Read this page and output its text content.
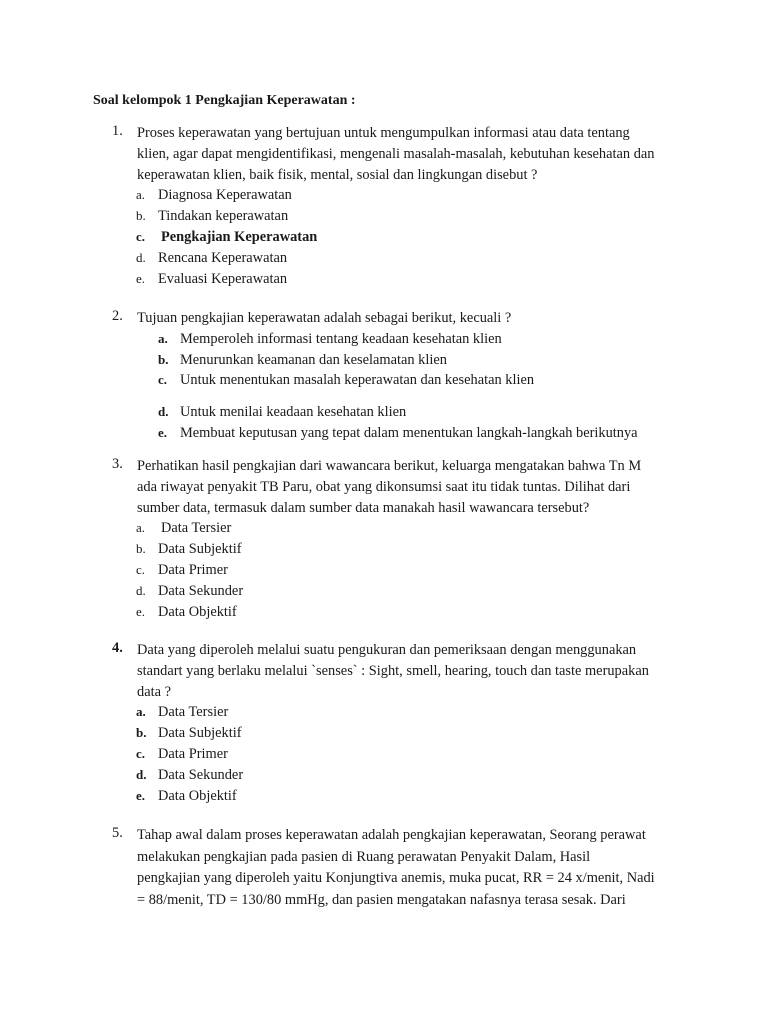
Soal kelompok 1 Pengkajian Keperawatan :
1. Proses keperawatan yang bertujuan untuk mengumpulkan informasi atau data tentang
klien, agar dapat mengidentifikasi, mengenali masalah-masalah, kebutuhan kesehatan dan
keperawatan klien, baik fisik, mental, sosial dan lingkungan disebut ?
a. Diagnosa Keperawatan
b. Tindakan keperawatan
c. Pengkajian Keperawatan
d. Rencana Keperawatan
e. Evaluasi Keperawatan
2. Tujuan pengkajian keperawatan adalah sebagai berikut, kecuali ?
a. Memperoleh informasi tentang keadaan kesehatan klien
b. Menurunkan keamanan dan keselamatan klien
c. Untuk menentukan masalah keperawatan dan kesehatan klien
d. Untuk menilai keadaan kesehatan klien
e. Membuat keputusan yang tepat dalam menentukan langkah-langkah berikutnya
3. Perhatikan hasil pengkajian dari wawancara berikut, keluarga mengatakan bahwa Tn M
ada riwayat penyakit TB Paru, obat yang dikonsumsi saat itu tidak tuntas. Dilihat dari
sumber data, termasuk dalam sumber data manakah hasil wawancara tersebut?
a. Data Tersier
b. Data Subjektif
c. Data Primer
d. Data Sekunder
e. Data Objektif
4. Data yang diperoleh melalui suatu pengukuran dan pemeriksaan dengan menggunakan
standart yang berlaku melalui `senses` : Sight, smell, hearing, touch dan taste merupakan
data ?
a. Data Tersier
b. Data Subjektif
c. Data Primer
d. Data Sekunder
e. Data Objektif
5. Tahap awal dalam proses keperawatan adalah pengkajian keperawatan, Seorang perawat
melakukan pengkajian pada pasien di Ruang perawatan Penyakit Dalam, Hasil
pengkajian yang diperoleh yaitu Konjungtiva anemis, muka pucat, RR = 24 x/menit, Nadi
= 88/menit, TD = 130/80 mmHg, dan pasien mengatakan nafasnya terasa sesak. Dari
